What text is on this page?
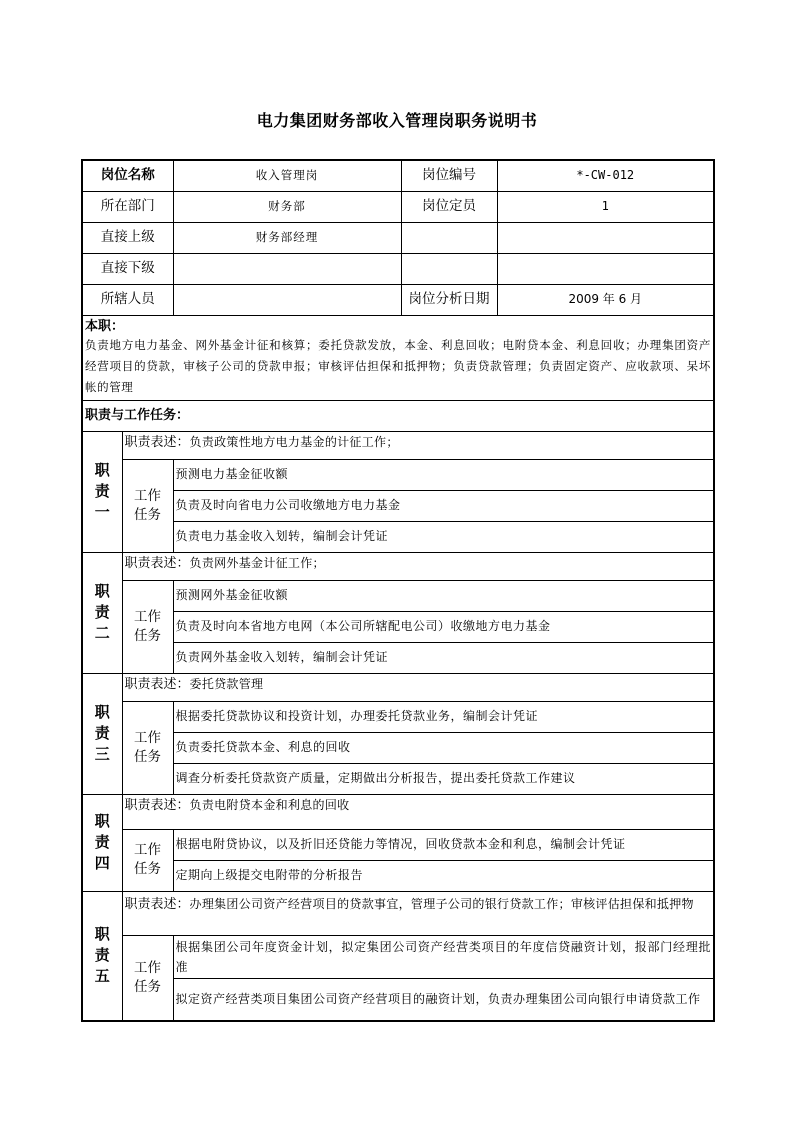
电力集团财务部收入管理岗职务说明书
岗位名称		收入管理岗	岗位编号	*-CW-012
所在部门		财务部	岗位定员	1
直接上级		财务部经理		
直接下级				
所辖人员			岗位分析日期	2009 年 6 月

本职：
负责地方电力基金、网外基金计征和核算；委托贷款发放，本金、利息回收；电附贷本金、利息回收；办理集团资产经营项目的贷款，审核子公司的贷款申报；审核评估担保和抵押物；负责贷款管理；负责固定资产、应收款项、呆坏帐的管理				

职责与工作任务：				
职
责
一	职责表述：负责政策性地方电力基金的计征工作；			
	工作
任务	预测电力基金征收额		
		负责及时向省电力公司收缴地方电力基金		
		负责电力基金收入划转，编制会计凭证		
职
责
二	职责表述：负责网外基金计征工作；			
	工作
任务	预测网外基金征收额		
		负责及时向本省地方电网（本公司所辖配电公司）收缴地方电力基金		
		负责网外基金收入划转，编制会计凭证		
职
责
三	职责表述：委托贷款管理			
	工作
任务	根据委托贷款协议和投资计划，办理委托贷款业务，编制会计凭证		
		负责委托贷款本金、利息的回收		
		调查分析委托贷款资产质量，定期做出分析报告，提出委托贷款工作建议		
职
责
四	职责表述：负责电附贷本金和利息的回收			
	工作
任务	根据电附贷协议，以及折旧还贷能力等情况，回收贷款本金和利息，编制会计凭证		
		定期向上级提交电附带的分析报告		
职
责
五	职责表述：办理集团公司资产经营项目的贷款事宜，管理子公司的银行贷款工作；审核评估担保和抵押物			
	工作
任务	根据集团公司年度资金计划，拟定集团公司资产经营类项目的年度信贷融资计划，报部门经理批准		
		拟定资产经营类项目集团公司资产经营项目的融资计划，负责办理集团公司向银行申请贷款工作		
